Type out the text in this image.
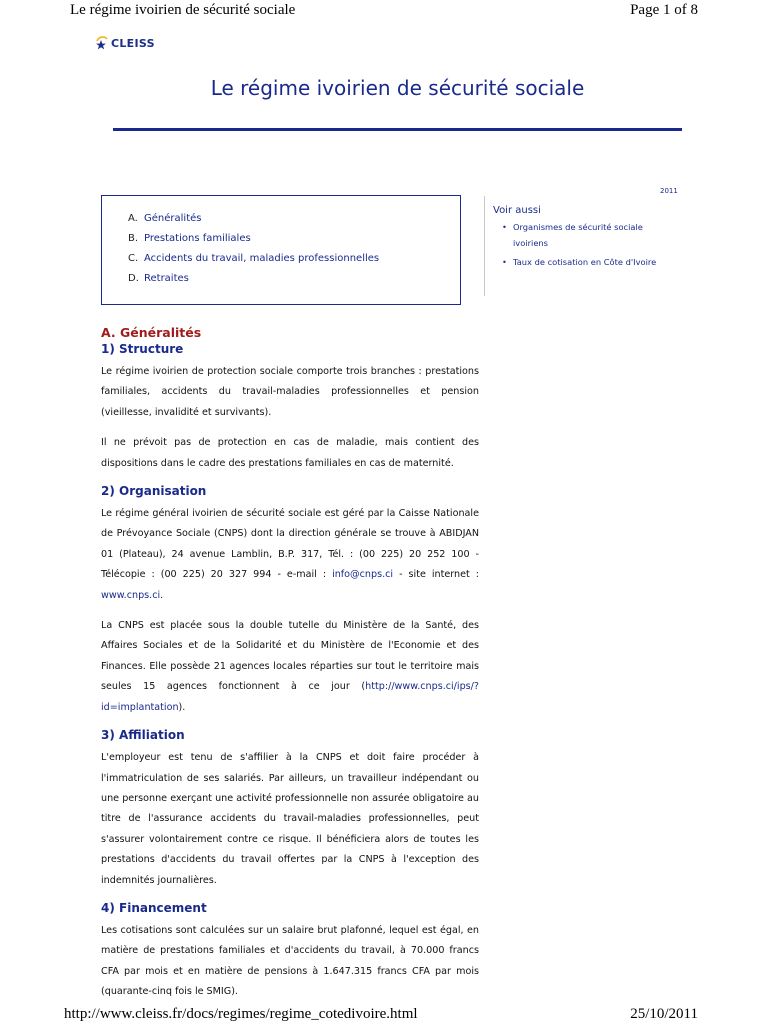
Le régime ivoirien de sécurité sociale	Page 1 of 8
CLEISS
Le régime ivoirien de sécurité sociale
2011
A. Généralités
B. Prestations familiales
C. Accidents du travail, maladies professionnelles
D. Retraites
Voir aussi
• Organismes de sécurité sociale ivoiriens
• Taux de cotisation en Côte d'Ivoire
A. Généralités
1) Structure

Le régime ivoirien de protection sociale comporte trois branches : prestations familiales, accidents du travail-maladies professionnelles et pension (vieillesse, invalidité et survivants).

Il ne prévoit pas de protection en cas de maladie, mais contient des dispositions dans le cadre des prestations familiales en cas de maternité.

2) Organisation

Le régime général ivoirien de sécurité sociale est géré par la Caisse Nationale de Prévoyance Sociale (CNPS) dont la direction générale se trouve à ABIDJAN 01 (Plateau), 24 avenue Lamblin, B.P. 317, Tél. : (00 225) 20 252 100 - Télécopie : (00 225) 20 327 994 - e-mail : info@cnps.ci - site internet : www.cnps.ci.

La CNPS est placée sous la double tutelle du Ministère de la Santé, des Affaires Sociales et de la Solidarité et du Ministère de l'Economie et des Finances. Elle possède 21 agences locales réparties sur tout le territoire mais seules 15 agences fonctionnent à ce jour (http://www.cnps.ci/ips/?id=implantation).

3) Affiliation

L'employeur est tenu de s'affilier à la CNPS et doit faire procéder à l'immatriculation de ses salariés. Par ailleurs, un travailleur indépendant ou une personne exerçant une activité professionnelle non assurée obligatoire au titre de l'assurance accidents du travail-maladies professionnelles, peut s'assurer volontairement contre ce risque. Il bénéficiera alors de toutes les prestations d'accidents du travail offertes par la CNPS à l'exception des indemnités journalières.

4) Financement

Les cotisations sont calculées sur un salaire brut plafonné, lequel est égal, en matière de prestations familiales et d'accidents du travail, à 70.000 francs CFA par mois et en matière de pensions à 1.647.315 francs CFA par mois (quarante-cinq fois le SMIG).

http://www.cleiss.fr/docs/regimes/regime_cotedivoire.html	25/10/2011
